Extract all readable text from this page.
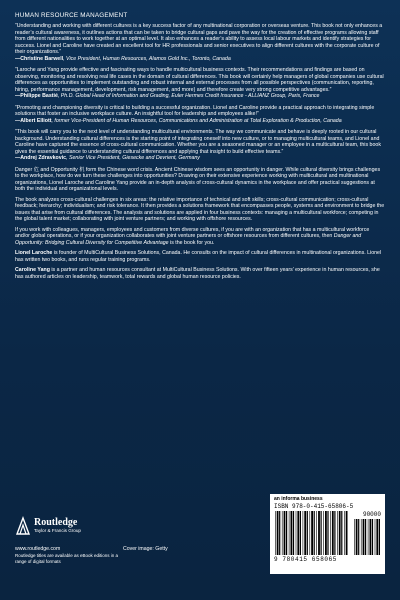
HUMAN RESOURCE MANAGEMENT

“Understanding and working with different cultures is a key success factor of any multinational corporation or overseas venture. This book not only enhances a reader’s cultural awareness, it outlines actions that can be taken to bridge cultural gaps and pave the way for the creation of effective programs allowing staff from different nationalities to work together at an optimal level. It also enhances a reader’s ability to assess local labour markets and identify strategies for success. Lionel and Caroline have created an excellent tool for HR professionals and senior executives to align different cultures with the corporate culture of their organizations.”

—Christine Barwell, Vice President, Human Resources, Alamos Gold Inc., Toronto, Canada

“Laroche and Yang provide effective and fascinating ways to handle multicultural business contexts. Their recommendations and findings are based on observing, monitoring and resolving real life cases in the domain of cultural differences. This book will certainly help managers of global companies use cultural differences as opportunities to implement outstanding and robust internal and external processes from all possible perspectives (communication, reporting, hiring, performance management, development, risk management, and more) and therefore create very strong competitive advantages.”

—Philippe Bastié, Ph.D. Global Head of Information and Grading, Euler Hermes Credit Insurance - ALLIANZ Group, Paris, France

“Promoting and championing diversity is critical to building a successful organization. Lionel and Caroline provide a practical approach to integrating simple solutions that foster an inclusive workplace culture. An insightful tool for leadership and employees alike!”

—Albert Elliott, former Vice-President of Human Resources, Communications and Administration at Total Exploration & Production, Canada

“This book will carry you to the next level of understanding multicultural environments. The way we communicate and behave is deeply rooted in our cultural background. Understanding cultural differences is the starting point of integrating oneself into new culture, or to managing multicultural teams, and Lionel and Caroline have captured the essence of cross-cultural communication. Whether you are a seasoned manager or an employee in a multicultural team, this book gives the essential guidance to understanding cultural differences and applying that insight to build effective teams.”

—Andrej Zdravkovic, Senior Vice President, Giesecke and Devrient, Germany

Danger 危 and Opportunity 机 form the Chinese word crisis. Ancient Chinese wisdom sees an opportunity in danger. While cultural diversity brings challenges to the workplace, how do we turn these challenges into opportunities? Drawing on their extensive experience working with multicultural and multinational organizations, Lionel Laroche and Caroline Yang provide an in-depth analysis of cross-cultural dynamics in the workplace and offer practical suggestions at both the individual and organizational levels.

The book analyzes cross-cultural challenges in six areas: the relative importance of technical and soft skills; cross-cultural communication; cross-cultural feedback; hierarchy; individualism; and risk tolerance. It then provides a solutions framework that encompasses people, systems and environment to bridge the issues that arise from cultural differences. The analysis and solutions are applied in four business contexts: managing a multicultural workforce; competing in the global talent market; collaborating with joint venture partners; and working with offshore resources.

If you work with colleagues, managers, employees and customers from diverse cultures, if you are with an organization that has a multicultural workforce and/or global operations, or if your organization collaborates with joint venture partners or offshore resources from different cultures, then Danger and Opportunity: Bridging Cultural Diversity for Competitive Advantage is the book for you.

Lionel Laroche is founder of MultiCultural Business Solutions, Canada. He consults on the impact of cultural differences in multinational organizations. Lionel has written two books, and runs regular training programs.

Caroline Yang is a partner and human resources consultant at MultiCultural Business Solutions. With over fifteen years’ experience in human resources, she has authored articles on leadership, teamwork, total rewards and global human resource policies.

Routledge
Taylor & Francis Group
www.routledge.com	Cover image: Getty
Routledge titles are available as eBook editions in a range of digital formats
an informa business
ISBN 978-0-415-65806-5
90000
9 780415 658065
